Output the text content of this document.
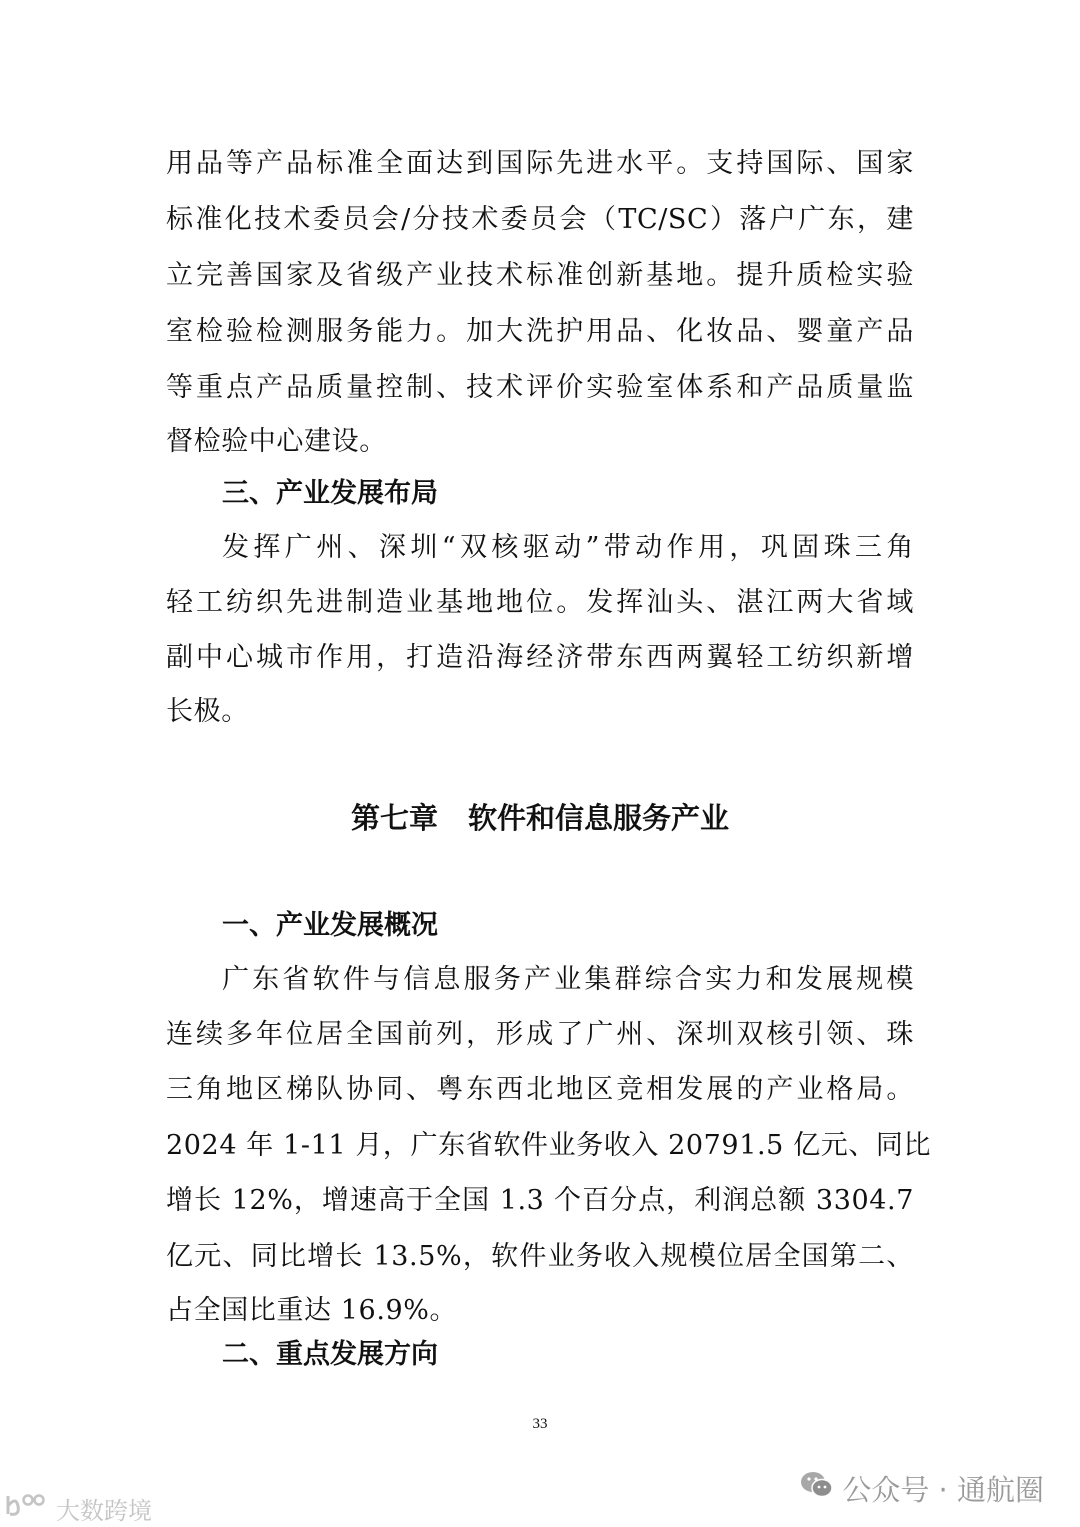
用品等产品标准全面达到国际先进水平。支持国际、国家
标准化技术委员会/分技术委员会（TC/SC）落户广东，建
立完善国家及省级产业技术标准创新基地。提升质检实验
室检验检测服务能力。加大洗护用品、化妆品、婴童产品
等重点产品质量控制、技术评价实验室体系和产品质量监
督检验中心建设。
三、产业发展布局
发挥广州、深圳“双核驱动”带动作用，巩固珠三角
轻工纺织先进制造业基地地位。发挥汕头、湛江两大省域
副中心城市作用，打造沿海经济带东西两翼轻工纺织新增
长极。
第七章 软件和信息服务产业
一、产业发展概况
广东省软件与信息服务产业集群综合实力和发展规模
连续多年位居全国前列，形成了广州、深圳双核引领、珠
三角地区梯队协同、粤东西北地区竞相发展的产业格局。
2024 年 1-11 月，广东省软件业务收入 20791.5 亿元、同比
增长 12%，增速高于全国 1.3 个百分点，利润总额 3304.7
亿元、同比增长 13.5%，软件业务收入规模位居全国第二、
占全国比重达 16.9%。
二、重点发展方向
33
公众号 · 通航圈
大数跨境
